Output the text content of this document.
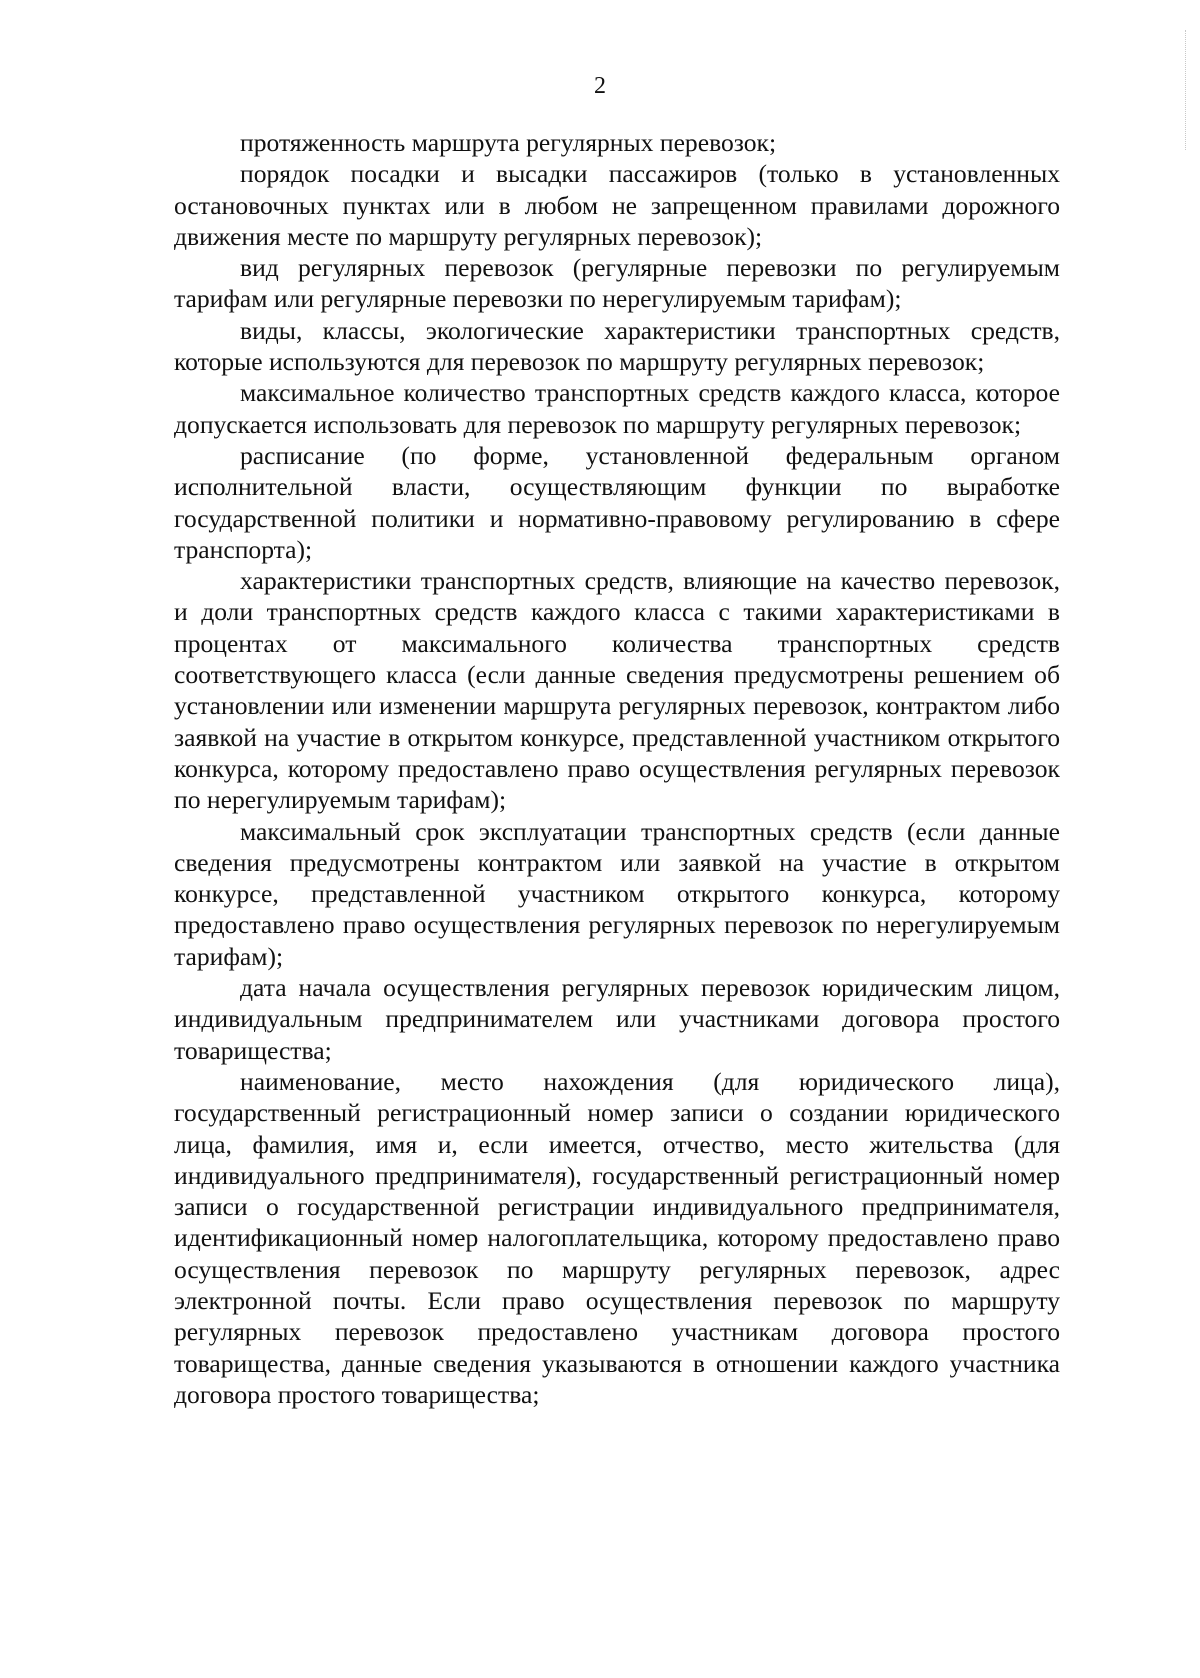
2

протяженность маршрута регулярных перевозок;

порядок посадки и высадки пассажиров (только в установленных остановочных пунктах или в любом не запрещенном правилами дорожного движения месте по маршруту регулярных перевозок);

вид регулярных перевозок (регулярные перевозки по регулируемым тарифам или регулярные перевозки по нерегулируемым тарифам);

виды, классы, экологические характеристики транспортных средств, которые используются для перевозок по маршруту регулярных перевозок;

максимальное количество транспортных средств каждого класса, которое допускается использовать для перевозок по маршруту регулярных перевозок;

расписание (по форме, установленной федеральным органом исполнительной власти, осуществляющим функции по выработке государственной политики и нормативно-правовому регулированию в сфере транспорта);

характеристики транспортных средств, влияющие на качество перевозок, и доли транспортных средств каждого класса с такими характеристиками в процентах от максимального количества транспортных средств соответствующего класса (если данные сведения предусмотрены решением об установлении или изменении маршрута регулярных перевозок, контрактом либо заявкой на участие в открытом конкурсе, представленной участником открытого конкурса, которому предоставлено право осуществления регулярных перевозок по нерегулируемым тарифам);

максимальный срок эксплуатации транспортных средств (если данные сведения предусмотрены контрактом или заявкой на участие в открытом конкурсе, представленной участником открытого конкурса, которому предоставлено право осуществления регулярных перевозок по нерегулируемым тарифам);

дата начала осуществления регулярных перевозок юридическим лицом, индивидуальным предпринимателем или участниками договора простого товарищества;

наименование, место нахождения (для юридического лица), государственный регистрационный номер записи о создании юридического лица, фамилия, имя и, если имеется, отчество, место жительства (для индивидуального предпринимателя), государственный регистрационный номер записи о государственной регистрации индивидуального предпринимателя, идентификационный номер налогоплательщика, которому предоставлено право осуществления перевозок по маршруту регулярных перевозок, адрес электронной почты. Если право осуществления перевозок по маршруту регулярных перевозок предоставлено участникам договора простого товарищества, данные сведения указываются в отношении каждого участника договора простого товарищества;
